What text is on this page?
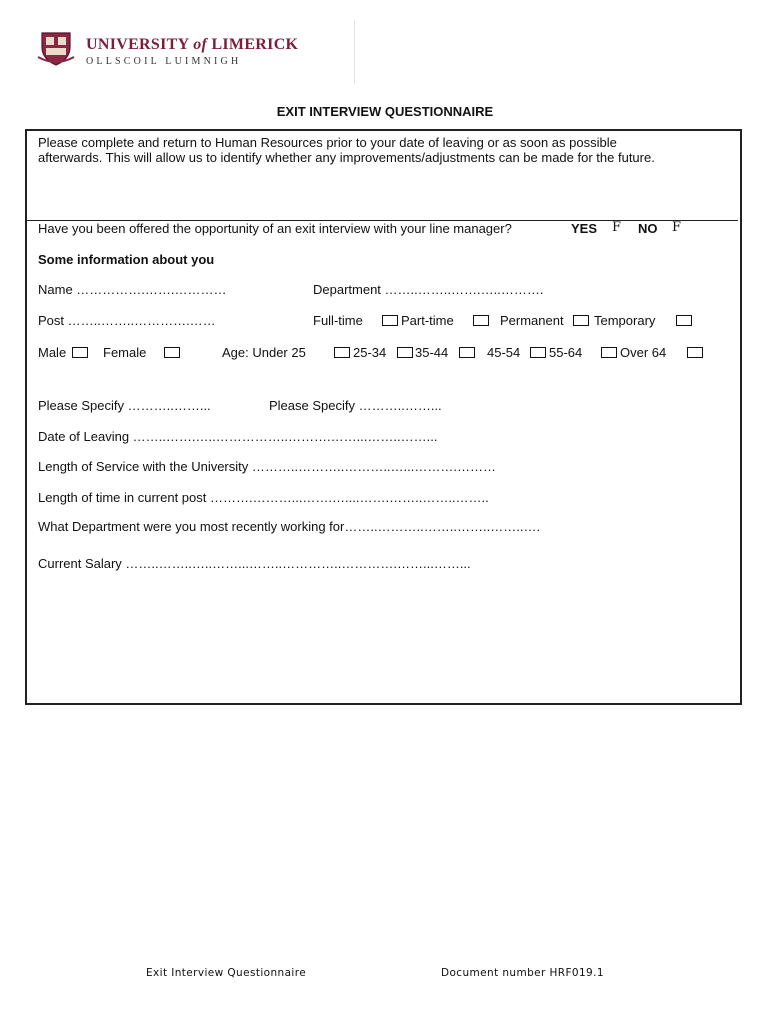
UNIVERSITY of LIMERICK
OLLSCOIL LUIMNIGH
EXIT INTERVIEW QUESTIONNAIRE
Please complete and return to Human Resources prior to your date of leaving or as soon as possible
afterwards. This will allow us to identify whether any improvements/adjustments can be made for the future.
Have you been offered the opportunity of an exit interview with your line manager?	YES F NO F
Some information about you
Name …………….…….…………	Department ……..……..…….…..……….
Post ……..……..………….……	Full-time	Part-time	Permanent Temporary
Male	Female	Age: Under 25	25-34 35-44	45-54 55-64	Over 64
Please Specify ………..……...	Please Specify ………..……...
Date of Leaving ……..…….…..……………..……….……...……..……...
Length of Service with the University ………..………..………..…...……….………
Length of time in current post ……….………...…….…....…….……..……..……..
What Department were you most recently working for……..………..……..……..……..….
Current Salary ……..……..…..……...……..…………..………….……...……...
Exit Interview Questionnaire	Document number HRF019.1
